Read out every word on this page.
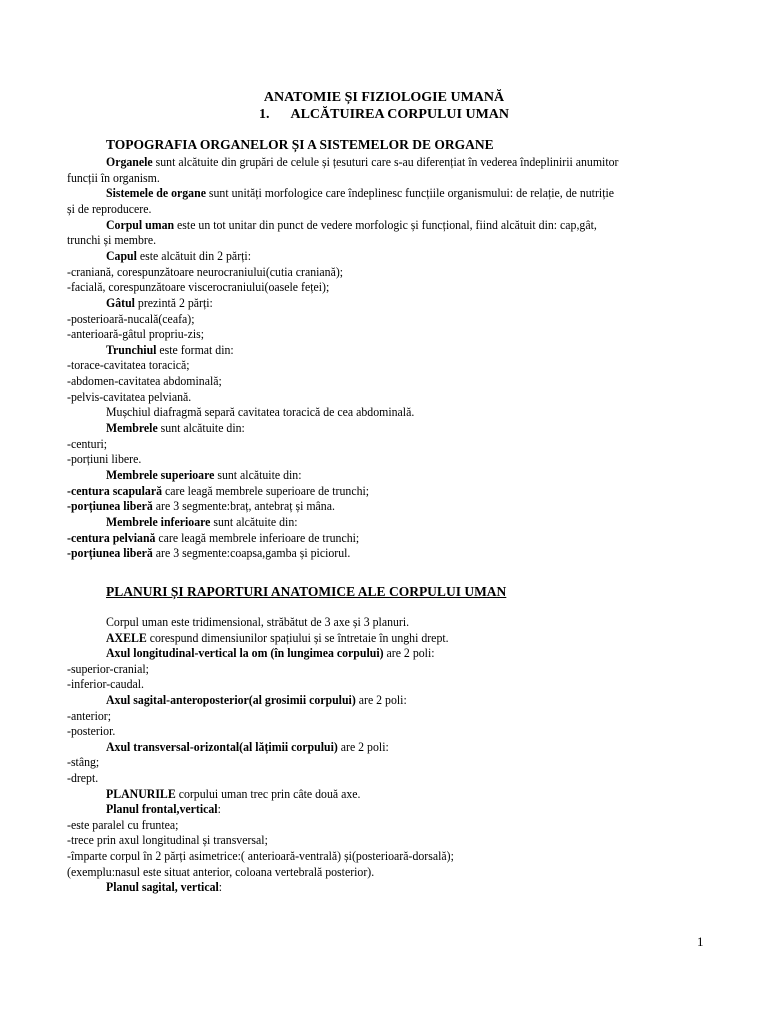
ANATOMIE ȘI FIZIOLOGIE UMANĂ
1. ALCĂTUIREA CORPULUI UMAN
TOPOGRAFIA ORGANELOR ȘI A SISTEMELOR DE ORGANE
Organele sunt alcătuite din grupări de celule și țesuturi care s-au diferențiat în vederea îndeplinirii anumitor
funcții în organism.
Sistemele de organe sunt unități morfologice care îndeplinesc funcțiile organismului: de relație, de nutriție
și de reproducere.
Corpul uman este un tot unitar din punct de vedere morfologic și funcțional, fiind alcătuit din: cap,gât,
trunchi și membre.
Capul este alcătuit din 2 părți:
-craniană, corespunzătoare neurocraniului(cutia craniană);
-facială, corespunzătoare viscerocraniului(oasele feței);
Gâtul prezintă 2 părți:
-posterioară-nucală(ceafa);
-anterioară-gâtul propriu-zis;
Trunchiul este format din:
-torace-cavitatea toracică;
-abdomen-cavitatea abdominală;
-pelvis-cavitatea pelviană.
Mușchiul diafragmă separă cavitatea toracică de cea abdominală.
Membrele sunt alcătuite din:
-centuri;
-porțiuni libere.
Membrele superioare sunt alcătuite din:
-centura scapulară care leagă membrele superioare de trunchi;
-porțiunea liberă are 3 segmente:braț, antebraț și mâna.
Membrele inferioare sunt alcătuite din:
-centura pelviană care leagă membrele inferioare de trunchi;
-porțiunea liberă are 3 segmente:coapsa,gamba și piciorul.
PLANURI ȘI RAPORTURI ANATOMICE ALE CORPULUI UMAN
Corpul uman este tridimensional, străbătut de 3 axe și 3 planuri.
AXELE corespund dimensiunilor spațiului și se întretaie în unghi drept.
Axul longitudinal-vertical la om (în lungimea corpului) are 2 poli:
-superior-cranial;
-inferior-caudal.
Axul sagital-anteroposterior(al grosimii corpului) are 2 poli:
-anterior;
-posterior.
Axul transversal-orizontal(al lățimii corpului) are 2 poli:
-stâng;
-drept.
PLANURILE corpului uman trec prin câte două axe.
Planul frontal,vertical:
-este paralel cu fruntea;
-trece prin axul longitudinal și transversal;
-împarte corpul în 2 părți asimetrice:( anterioară-ventrală) și(posterioară-dorsală);
(exemplu:nasul este situat anterior, coloana vertebrală posterior).
Planul sagital, vertical:
1
